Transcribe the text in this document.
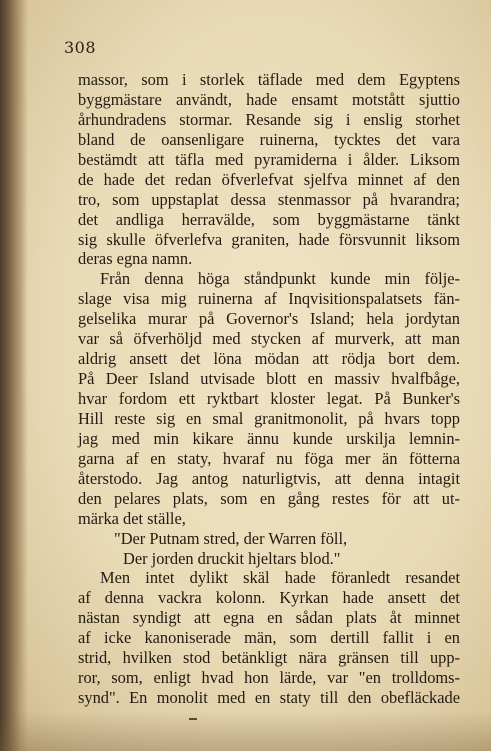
308
massor, som i storlek täflade med dem Egyptens
byggmästare användt, hade ensamt motstått sjuttio
århundradens stormar. Resande sig i enslig storhet
bland de oansenligare ruinerna, tycktes det vara
bestämdt att täfla med pyramiderna i ålder. Liksom
de hade det redan öfverlefvat sjelfva minnet af den
tro, som uppstaplat dessa stenmassor på hvarandra;
det andliga herravälde, som byggmästarne tänkt
sig skulle öfverlefva graniten, hade försvunnit liksom
deras egna namn.
Från denna höga ståndpunkt kunde min följe-
slage visa mig ruinerna af Inqvisitionspalatsets fän-
gelselika murar på Governor's Island; hela jordytan
var så öfverhöljd med stycken af murverk, att man
aldrig ansett det löna mödan att rödja bort dem.
På Deer Island utvisade blott en massiv hvalfbåge,
hvar fordom ett ryktbart kloster legat. På Bunker's
Hill reste sig en smal granitmonolit, på hvars topp
jag med min kikare ännu kunde urskilja lemnin-
garna af en staty, hvaraf nu föga mer än fötterna
återstodo. Jag antog naturligtvis, att denna intagit
den pelares plats, som en gång restes för att ut-
märka det ställe,
"Der Putnam stred, der Warren föll,
Der jorden druckit hjeltars blod."
Men intet dylikt skäl hade föranledt resandet
af denna vackra kolonn. Kyrkan hade ansett det
nästan syndigt att egna en sådan plats åt minnet
af icke kanoniserade män, som dertill fallit i en
strid, hvilken stod betänkligt nära gränsen till upp-
ror, som, enligt hvad hon lärde, var "en trolldoms-
synd". En monolit med en staty till den obefläckade
